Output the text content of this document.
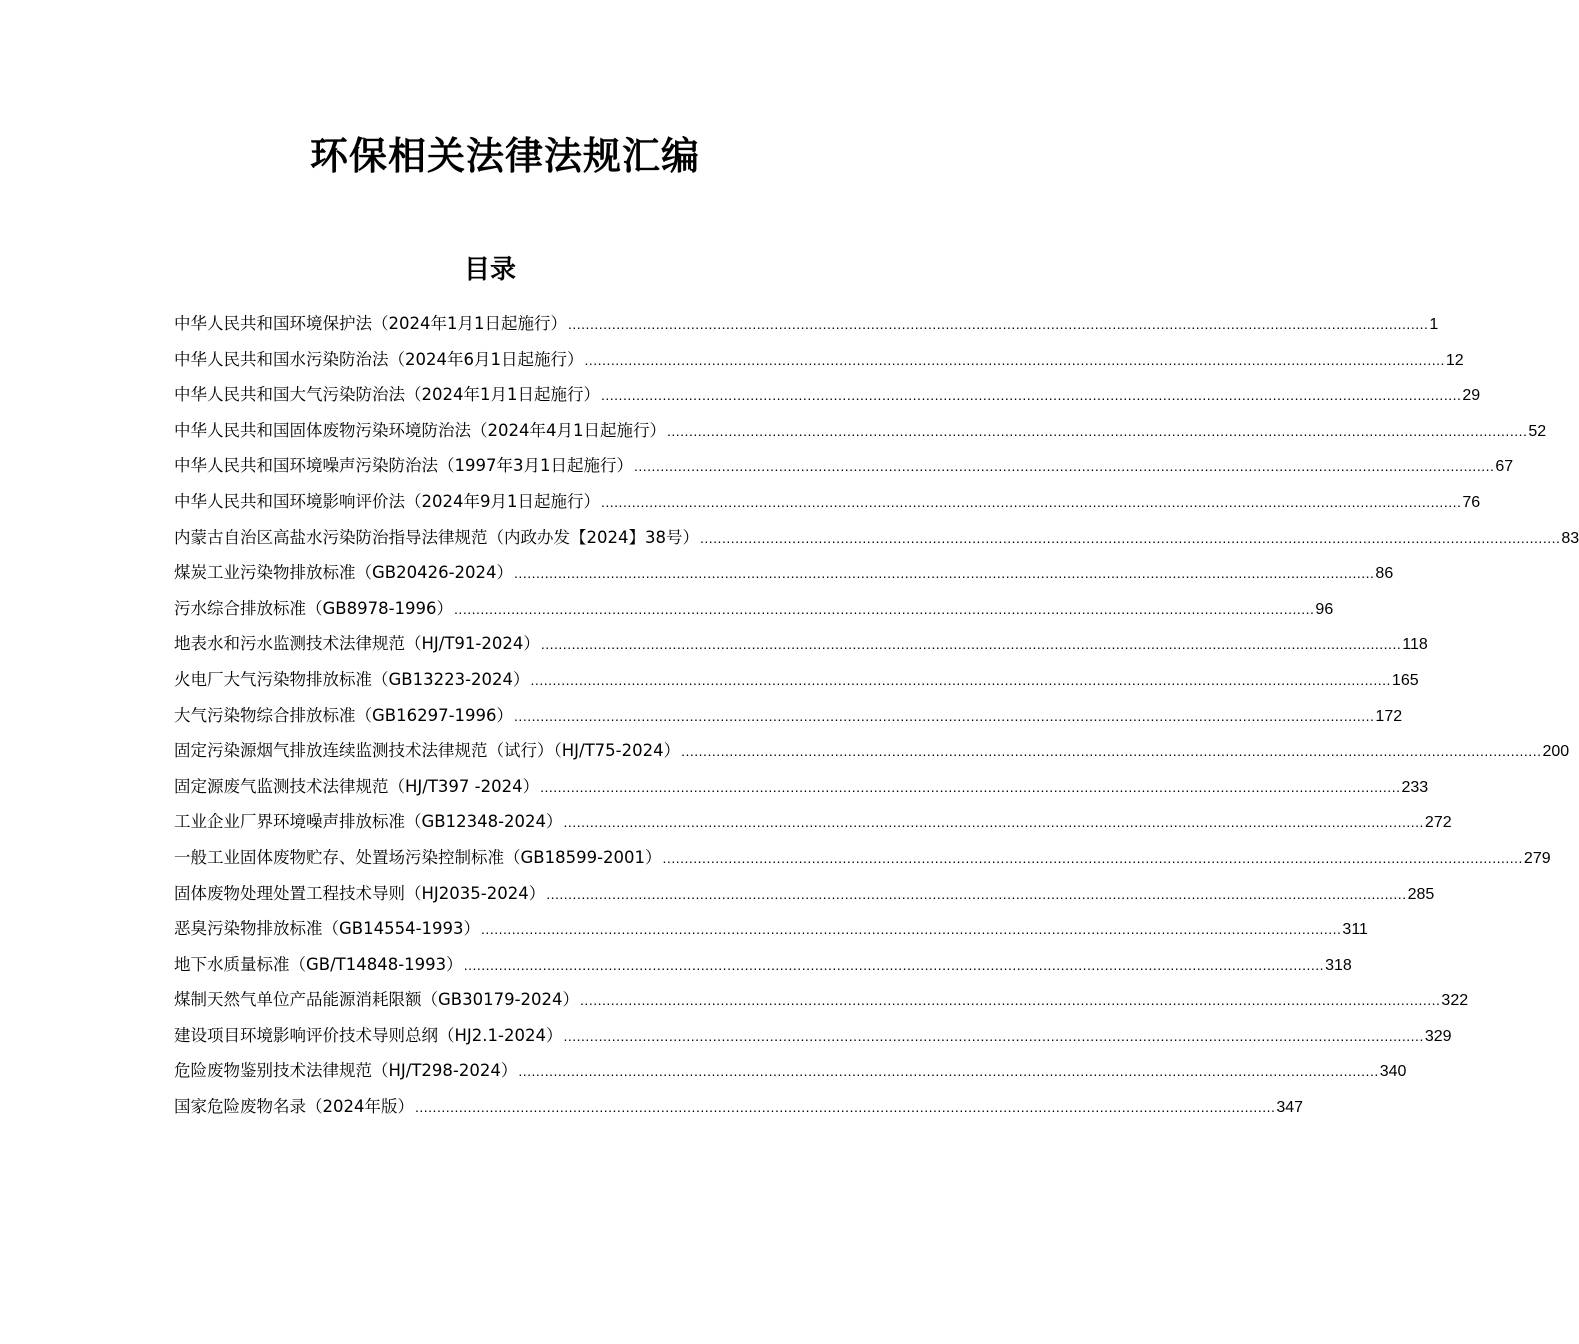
环保相关法律法规汇编
目录
中华人民共和国环境保护法（2024年1月1日起施行） .....	1
中华人民共和国水污染防治法（2024年6月1日起施行） .....	12
中华人民共和国大气污染防治法（2024年1月1日起施行） .....	29
中华人民共和国固体废物污染环境防治法（2024年4月1日起施行） .....	52
中华人民共和国环境噪声污染防治法（1997年3月1日起施行） .....	67
中华人民共和国环境影响评价法（2024年9月1日起施行） .....	76
内蒙古自治区高盐水污染防治指导法律规范（内政办发【2024】38号） .....	83
煤炭工业污染物排放标准（GB20426-2024） .....	86
污水综合排放标准（GB8978-1996） .....	96
地表水和污水监测技术法律规范（HJ/T91-2024） .....	118
火电厂大气污染物排放标准（GB13223-2024） .....	165
大气污染物综合排放标准（GB16297-1996） .....	172
固定污染源烟气排放连续监测技术法律规范（试行）（HJ/T75-2024） .....	200
固定源废气监测技术法律规范（HJ/T397 -2024） .....	233
工业企业厂界环境噪声排放标准（GB12348-2024） .....	272
一般工业固体废物贮存、处置场污染控制标准（GB18599-2001） .....	279
固体废物处理处置工程技术导则（HJ2035-2024） .....	285
恶臭污染物排放标准（GB14554-1993） .....	311
地下水质量标准（GB/T14848-1993） .....	318
煤制天然气单位产品能源消耗限额（GB30179-2024） .....	322
建设项目环境影响评价技术导则总纲（HJ2.1-2024） .....	329
危险废物鉴别技术法律规范（HJ/T298-2024） .....	340
国家危险废物名录（2024年版） .....	347
